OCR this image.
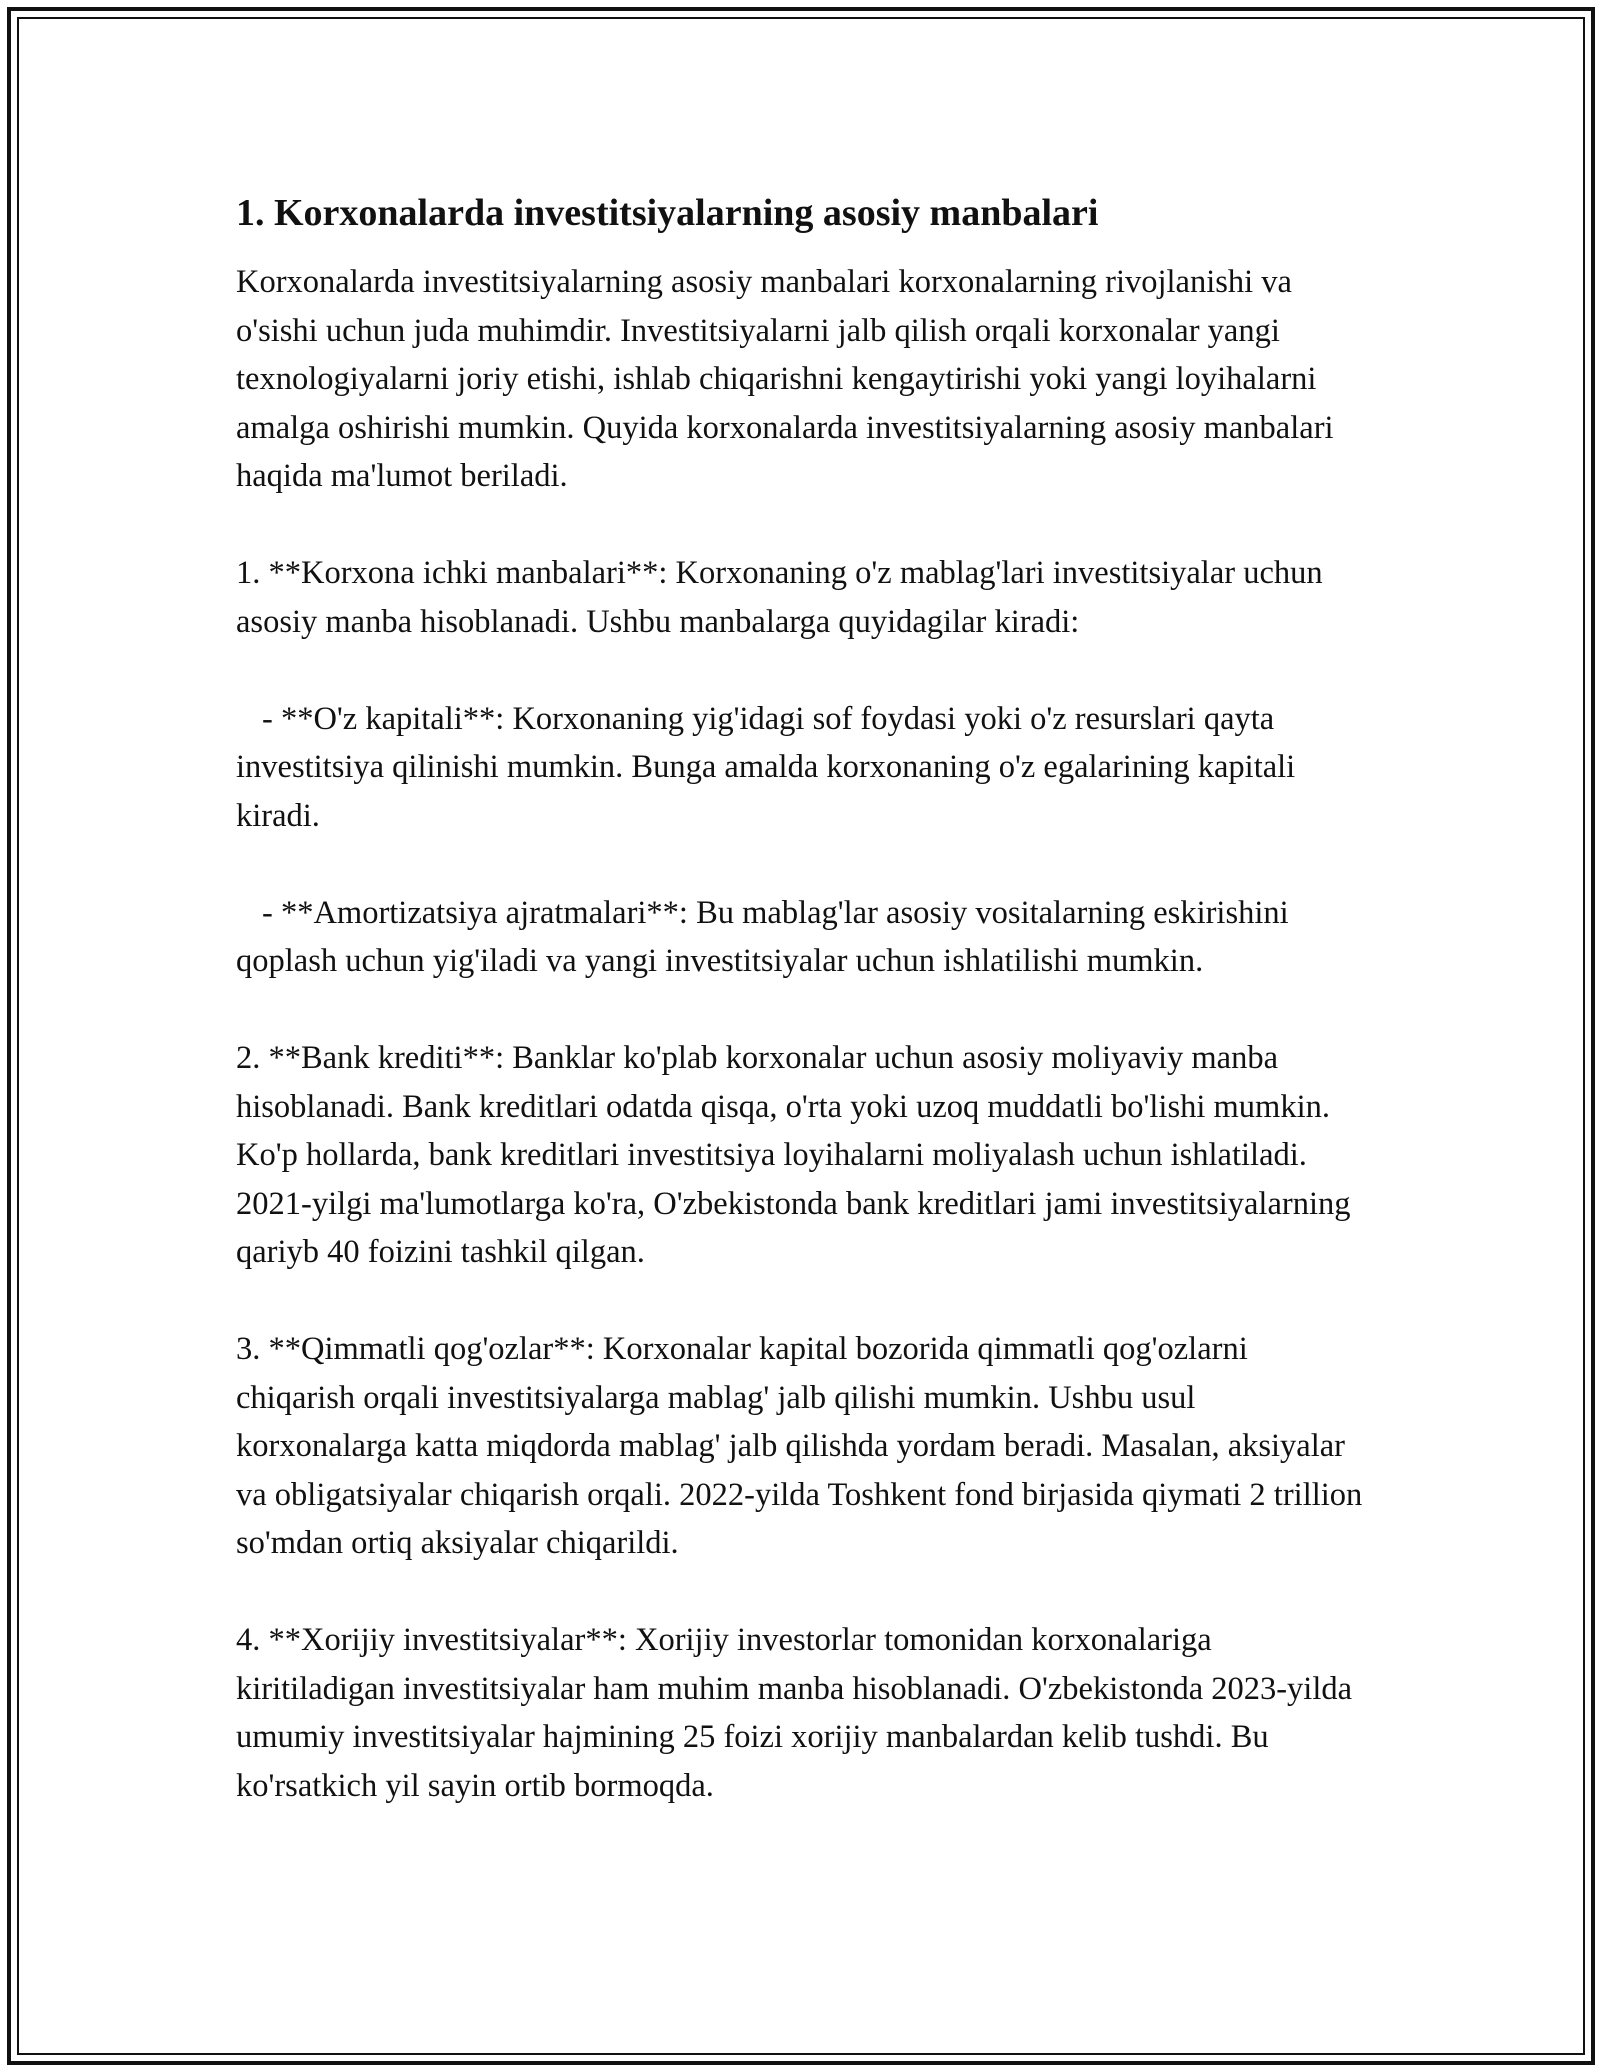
1. Korxonalarda investitsiyalarning asosiy manbalari

Korxonalarda investitsiyalarning asosiy manbalari korxonalarning rivojlanishi va o'sishi uchun juda muhimdir. Investitsiyalarni jalb qilish orqali korxonalar yangi texnologiyalarni joriy etishi, ishlab chiqarishni kengaytirishi yoki yangi loyihalarni amalga oshirishi mumkin. Quyida korxonalarda investitsiyalarning asosiy manbalari haqida ma'lumot beriladi.

1. **Korxona ichki manbalari**: Korxonaning o'z mablag'lari investitsiyalar uchun asosiy manba hisoblanadi. Ushbu manbalarga quyidagilar kiradi:

- **O'z kapitali**: Korxonaning yig'idagi sof foydasi yoki o'z resurslari qayta investitsiya qilinishi mumkin. Bunga amalda korxonaning o'z egalarining kapitali kiradi.

- **Amortizatsiya ajratmalari**: Bu mablag'lar asosiy vositalarning eskirishini qoplash uchun yig'iladi va yangi investitsiyalar uchun ishlatilishi mumkin.

2. **Bank krediti**: Banklar ko'plab korxonalar uchun asosiy moliyaviy manba hisoblanadi. Bank kreditlari odatda qisqa, o'rta yoki uzoq muddatli bo'lishi mumkin. Ko'p hollarda, bank kreditlari investitsiya loyihalarni moliyalash uchun ishlatiladi. 2021-yilgi ma'lumotlarga ko'ra, O'zbekistonda bank kreditlari jami investitsiyalarning qariyb 40 foizini tashkil qilgan.

3. **Qimmatli qog'ozlar**: Korxonalar kapital bozorida qimmatli qog'ozlarni chiqarish orqali investitsiyalarga mablag' jalb qilishi mumkin. Ushbu usul korxonalarga katta miqdorda mablag' jalb qilishda yordam beradi. Masalan, aksiyalar va obligatsiyalar chiqarish orqali. 2022-yilda Toshkent fond birjasida qiymati 2 trillion so'mdan ortiq aksiyalar chiqarildi.

4. **Xorijiy investitsiyalar**: Xorijiy investorlar tomonidan korxonalariga kiritiladigan investitsiyalar ham muhim manba hisoblanadi. O'zbekistonda 2023-yilda umumiy investitsiyalar hajmining 25 foizi xorijiy manbalardan kelib tushdi. Bu ko'rsatkich yil sayin ortib bormoqda.
